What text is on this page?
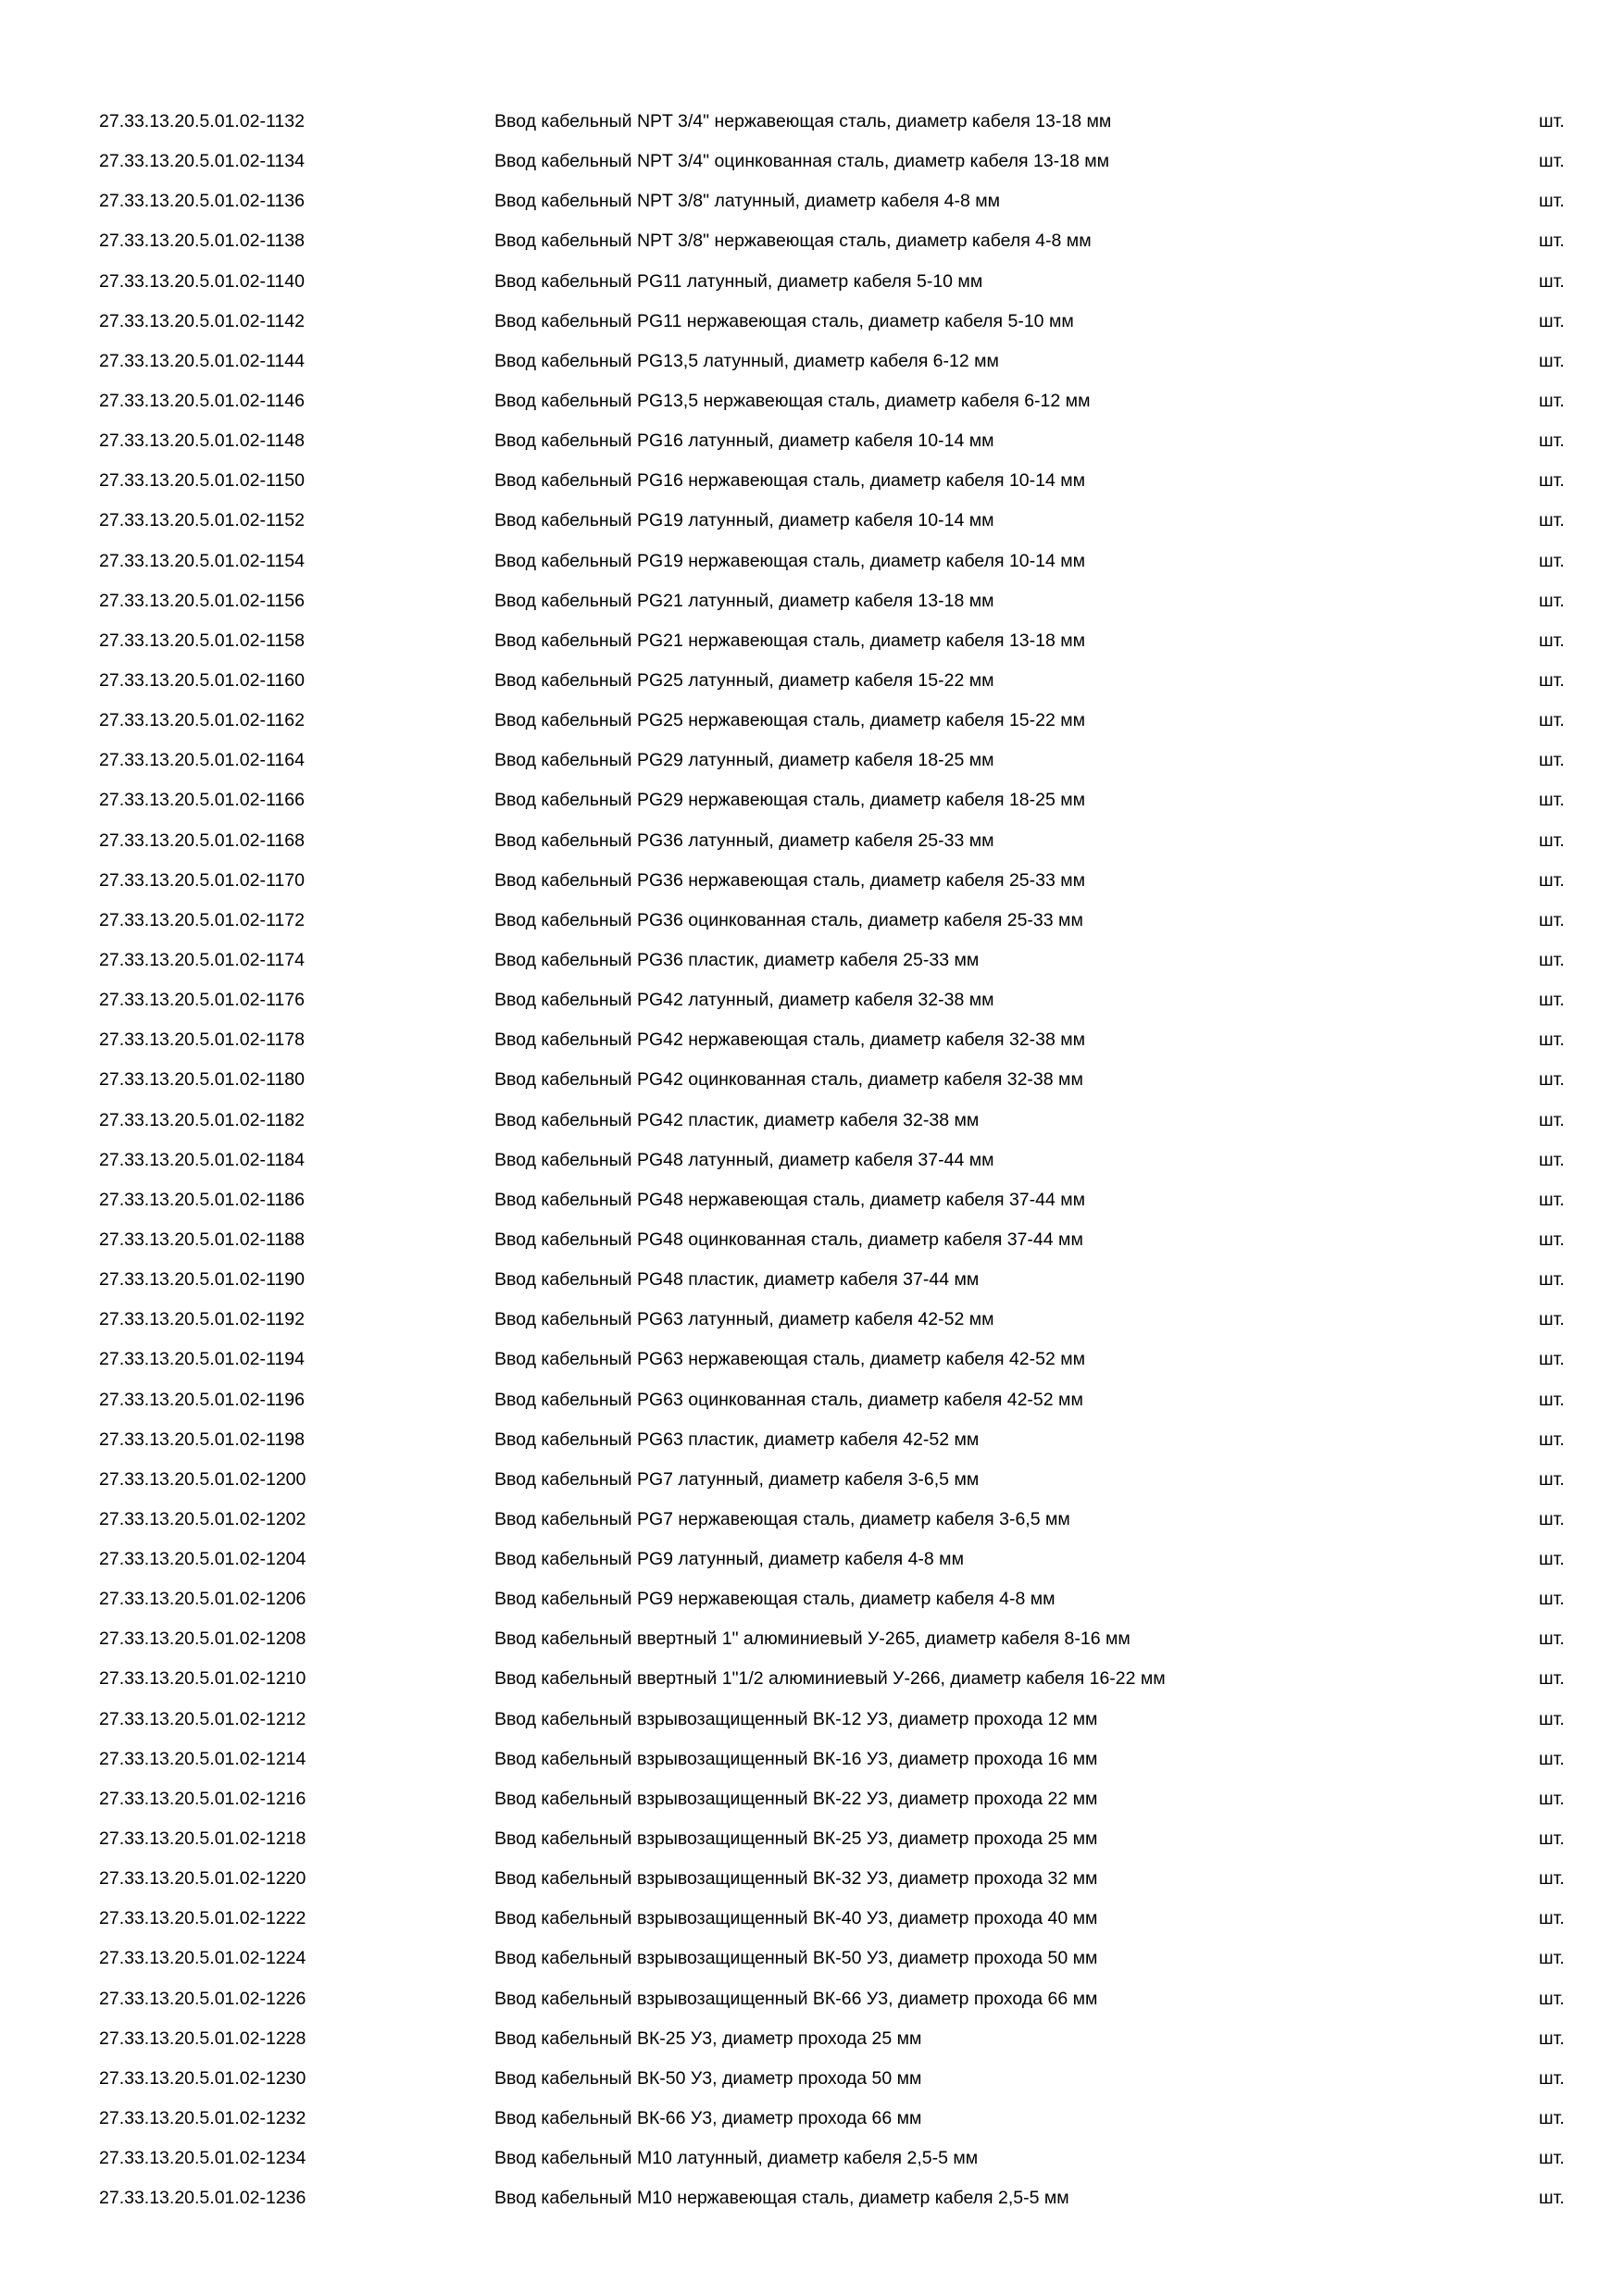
27.33.13.20.5.01.02-1132	Ввод кабельный NPT 3/4" нержавеющая сталь, диаметр кабеля 13-18 мм	шт.
27.33.13.20.5.01.02-1134	Ввод кабельный NPT 3/4" оцинкованная сталь, диаметр кабеля 13-18 мм	шт.
27.33.13.20.5.01.02-1136	Ввод кабельный NPT 3/8" латунный, диаметр кабеля 4-8 мм	шт.
27.33.13.20.5.01.02-1138	Ввод кабельный NPT 3/8" нержавеющая сталь, диаметр кабеля 4-8 мм	шт.
27.33.13.20.5.01.02-1140	Ввод кабельный PG11 латунный, диаметр кабеля 5-10 мм	шт.
27.33.13.20.5.01.02-1142	Ввод кабельный PG11 нержавеющая сталь, диаметр кабеля 5-10 мм	шт.
27.33.13.20.5.01.02-1144	Ввод кабельный PG13,5 латунный, диаметр кабеля 6-12 мм	шт.
27.33.13.20.5.01.02-1146	Ввод кабельный PG13,5 нержавеющая сталь, диаметр кабеля 6-12 мм	шт.
27.33.13.20.5.01.02-1148	Ввод кабельный PG16 латунный, диаметр кабеля 10-14 мм	шт.
27.33.13.20.5.01.02-1150	Ввод кабельный PG16 нержавеющая сталь, диаметр кабеля 10-14 мм	шт.
27.33.13.20.5.01.02-1152	Ввод кабельный PG19 латунный, диаметр кабеля 10-14 мм	шт.
27.33.13.20.5.01.02-1154	Ввод кабельный PG19 нержавеющая сталь, диаметр кабеля 10-14 мм	шт.
27.33.13.20.5.01.02-1156	Ввод кабельный PG21 латунный, диаметр кабеля 13-18 мм	шт.
27.33.13.20.5.01.02-1158	Ввод кабельный PG21 нержавеющая сталь, диаметр кабеля 13-18 мм	шт.
27.33.13.20.5.01.02-1160	Ввод кабельный PG25 латунный, диаметр кабеля 15-22 мм	шт.
27.33.13.20.5.01.02-1162	Ввод кабельный PG25 нержавеющая сталь, диаметр кабеля 15-22 мм	шт.
27.33.13.20.5.01.02-1164	Ввод кабельный PG29 латунный, диаметр кабеля 18-25 мм	шт.
27.33.13.20.5.01.02-1166	Ввод кабельный PG29 нержавеющая сталь, диаметр кабеля 18-25 мм	шт.
27.33.13.20.5.01.02-1168	Ввод кабельный PG36 латунный, диаметр кабеля 25-33 мм	шт.
27.33.13.20.5.01.02-1170	Ввод кабельный PG36 нержавеющая сталь, диаметр кабеля 25-33 мм	шт.
27.33.13.20.5.01.02-1172	Ввод кабельный PG36 оцинкованная сталь, диаметр кабеля 25-33 мм	шт.
27.33.13.20.5.01.02-1174	Ввод кабельный PG36 пластик, диаметр кабеля 25-33 мм	шт.
27.33.13.20.5.01.02-1176	Ввод кабельный PG42 латунный, диаметр кабеля 32-38 мм	шт.
27.33.13.20.5.01.02-1178	Ввод кабельный PG42 нержавеющая сталь, диаметр кабеля 32-38 мм	шт.
27.33.13.20.5.01.02-1180	Ввод кабельный PG42 оцинкованная сталь, диаметр кабеля 32-38 мм	шт.
27.33.13.20.5.01.02-1182	Ввод кабельный PG42 пластик, диаметр кабеля 32-38 мм	шт.
27.33.13.20.5.01.02-1184	Ввод кабельный PG48 латунный, диаметр кабеля 37-44 мм	шт.
27.33.13.20.5.01.02-1186	Ввод кабельный PG48 нержавеющая сталь, диаметр кабеля 37-44 мм	шт.
27.33.13.20.5.01.02-1188	Ввод кабельный PG48 оцинкованная сталь, диаметр кабеля 37-44 мм	шт.
27.33.13.20.5.01.02-1190	Ввод кабельный PG48 пластик, диаметр кабеля 37-44 мм	шт.
27.33.13.20.5.01.02-1192	Ввод кабельный PG63 латунный, диаметр кабеля 42-52 мм	шт.
27.33.13.20.5.01.02-1194	Ввод кабельный PG63 нержавеющая сталь, диаметр кабеля 42-52 мм	шт.
27.33.13.20.5.01.02-1196	Ввод кабельный PG63 оцинкованная сталь, диаметр кабеля 42-52 мм	шт.
27.33.13.20.5.01.02-1198	Ввод кабельный PG63 пластик, диаметр кабеля 42-52 мм	шт.
27.33.13.20.5.01.02-1200	Ввод кабельный PG7 латунный, диаметр кабеля 3-6,5 мм	шт.
27.33.13.20.5.01.02-1202	Ввод кабельный PG7 нержавеющая сталь, диаметр кабеля 3-6,5 мм	шт.
27.33.13.20.5.01.02-1204	Ввод кабельный PG9 латунный, диаметр кабеля 4-8 мм	шт.
27.33.13.20.5.01.02-1206	Ввод кабельный PG9 нержавеющая сталь, диаметр кабеля 4-8 мм	шт.
27.33.13.20.5.01.02-1208	Ввод кабельный ввертный 1" алюминиевый У-265, диаметр кабеля 8-16 мм	шт.
27.33.13.20.5.01.02-1210	Ввод кабельный ввертный 1"1/2 алюминиевый У-266, диаметр кабеля 16-22 мм	шт.
27.33.13.20.5.01.02-1212	Ввод кабельный взрывозащищенный ВК-12 У3, диаметр прохода 12 мм	шт.
27.33.13.20.5.01.02-1214	Ввод кабельный взрывозащищенный ВК-16 У3, диаметр прохода 16 мм	шт.
27.33.13.20.5.01.02-1216	Ввод кабельный взрывозащищенный ВК-22 У3, диаметр прохода 22 мм	шт.
27.33.13.20.5.01.02-1218	Ввод кабельный взрывозащищенный ВК-25 У3, диаметр прохода 25 мм	шт.
27.33.13.20.5.01.02-1220	Ввод кабельный взрывозащищенный ВК-32 У3, диаметр прохода 32 мм	шт.
27.33.13.20.5.01.02-1222	Ввод кабельный взрывозащищенный ВК-40 У3, диаметр прохода 40 мм	шт.
27.33.13.20.5.01.02-1224	Ввод кабельный взрывозащищенный ВК-50 У3, диаметр прохода 50 мм	шт.
27.33.13.20.5.01.02-1226	Ввод кабельный взрывозащищенный ВК-66 У3, диаметр прохода 66 мм	шт.
27.33.13.20.5.01.02-1228	Ввод кабельный ВК-25 У3, диаметр прохода 25 мм	шт.
27.33.13.20.5.01.02-1230	Ввод кабельный ВК-50 У3, диаметр прохода 50 мм	шт.
27.33.13.20.5.01.02-1232	Ввод кабельный ВК-66 У3, диаметр прохода 66 мм	шт.
27.33.13.20.5.01.02-1234	Ввод кабельный М10 латунный, диаметр кабеля 2,5-5 мм	шт.
27.33.13.20.5.01.02-1236	Ввод кабельный М10 нержавеющая сталь, диаметр кабеля 2,5-5 мм	шт.
